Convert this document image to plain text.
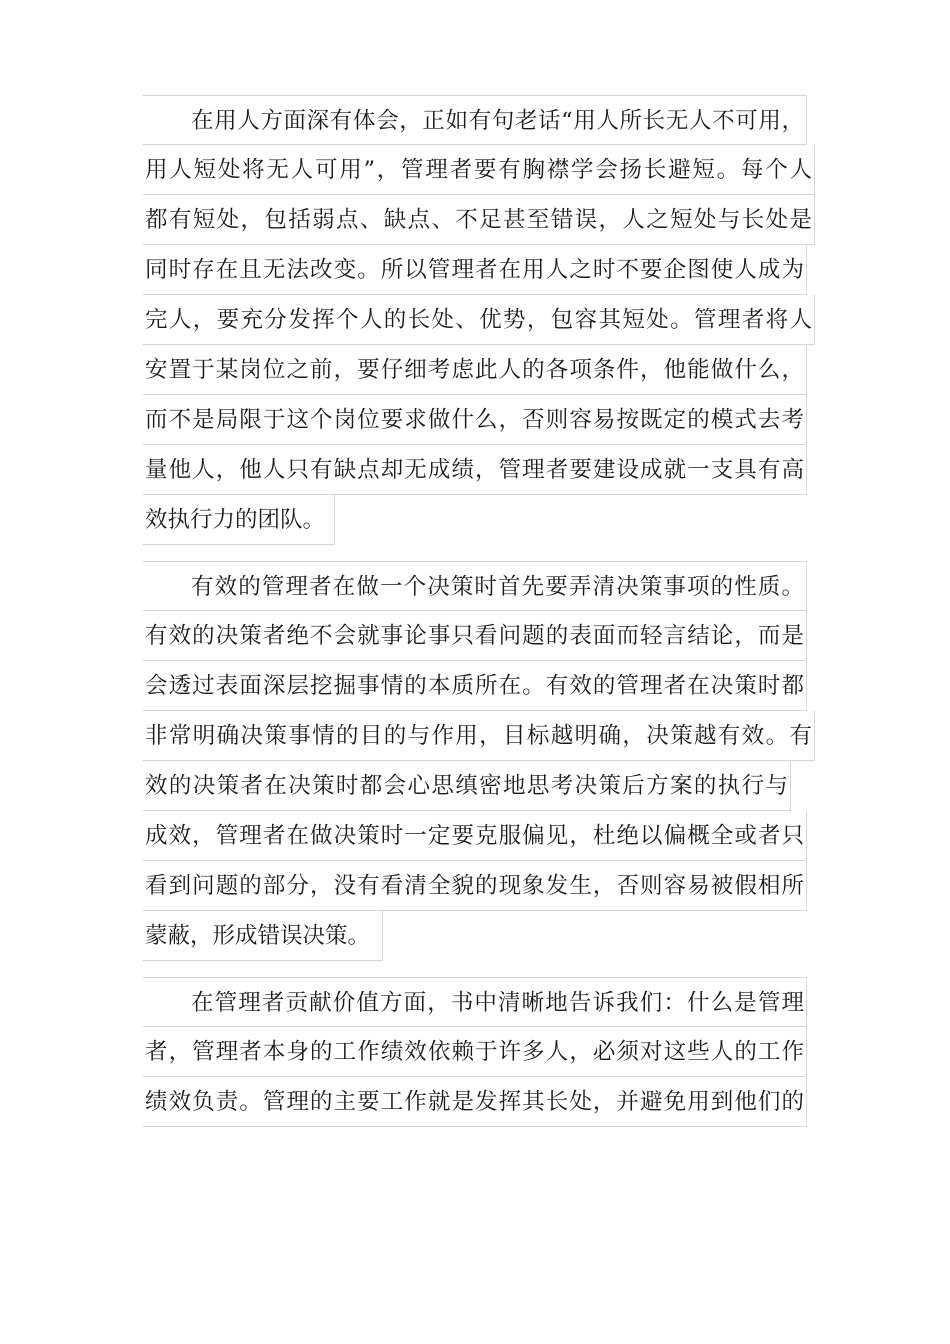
在用人方面深有体会，正如有句老话“用人所长无人不可用，
用人短处将无人可用”，管理者要有胸襟学会扬长避短。每个人
都有短处，包括弱点、缺点、不足甚至错误，人之短处与长处是
同时存在且无法改变。所以管理者在用人之时不要企图使人成为
完人，要充分发挥个人的长处、优势，包容其短处。管理者将人
安置于某岗位之前，要仔细考虑此人的各项条件，他能做什么，
而不是局限于这个岗位要求做什么，否则容易按既定的模式去考
量他人，他人只有缺点却无成绩，管理者要建设成就一支具有高
效执行力的团队。
有效的管理者在做一个决策时首先要弄清决策事项的性质。
有效的决策者绝不会就事论事只看问题的表面而轻言结论，而是
会透过表面深层挖掘事情的本质所在。有效的管理者在决策时都
非常明确决策事情的目的与作用，目标越明确，决策越有效。有
效的决策者在决策时都会心思缜密地思考决策后方案的执行与
成效，管理者在做决策时一定要克服偏见，杜绝以偏概全或者只
看到问题的部分，没有看清全貌的现象发生，否则容易被假相所
蒙蔽，形成错误决策。
在管理者贡献价值方面，书中清晰地告诉我们：什么是管理
者，管理者本身的工作绩效依赖于许多人，必须对这些人的工作
绩效负责。管理的主要工作就是发挥其长处，并避免用到他们的
